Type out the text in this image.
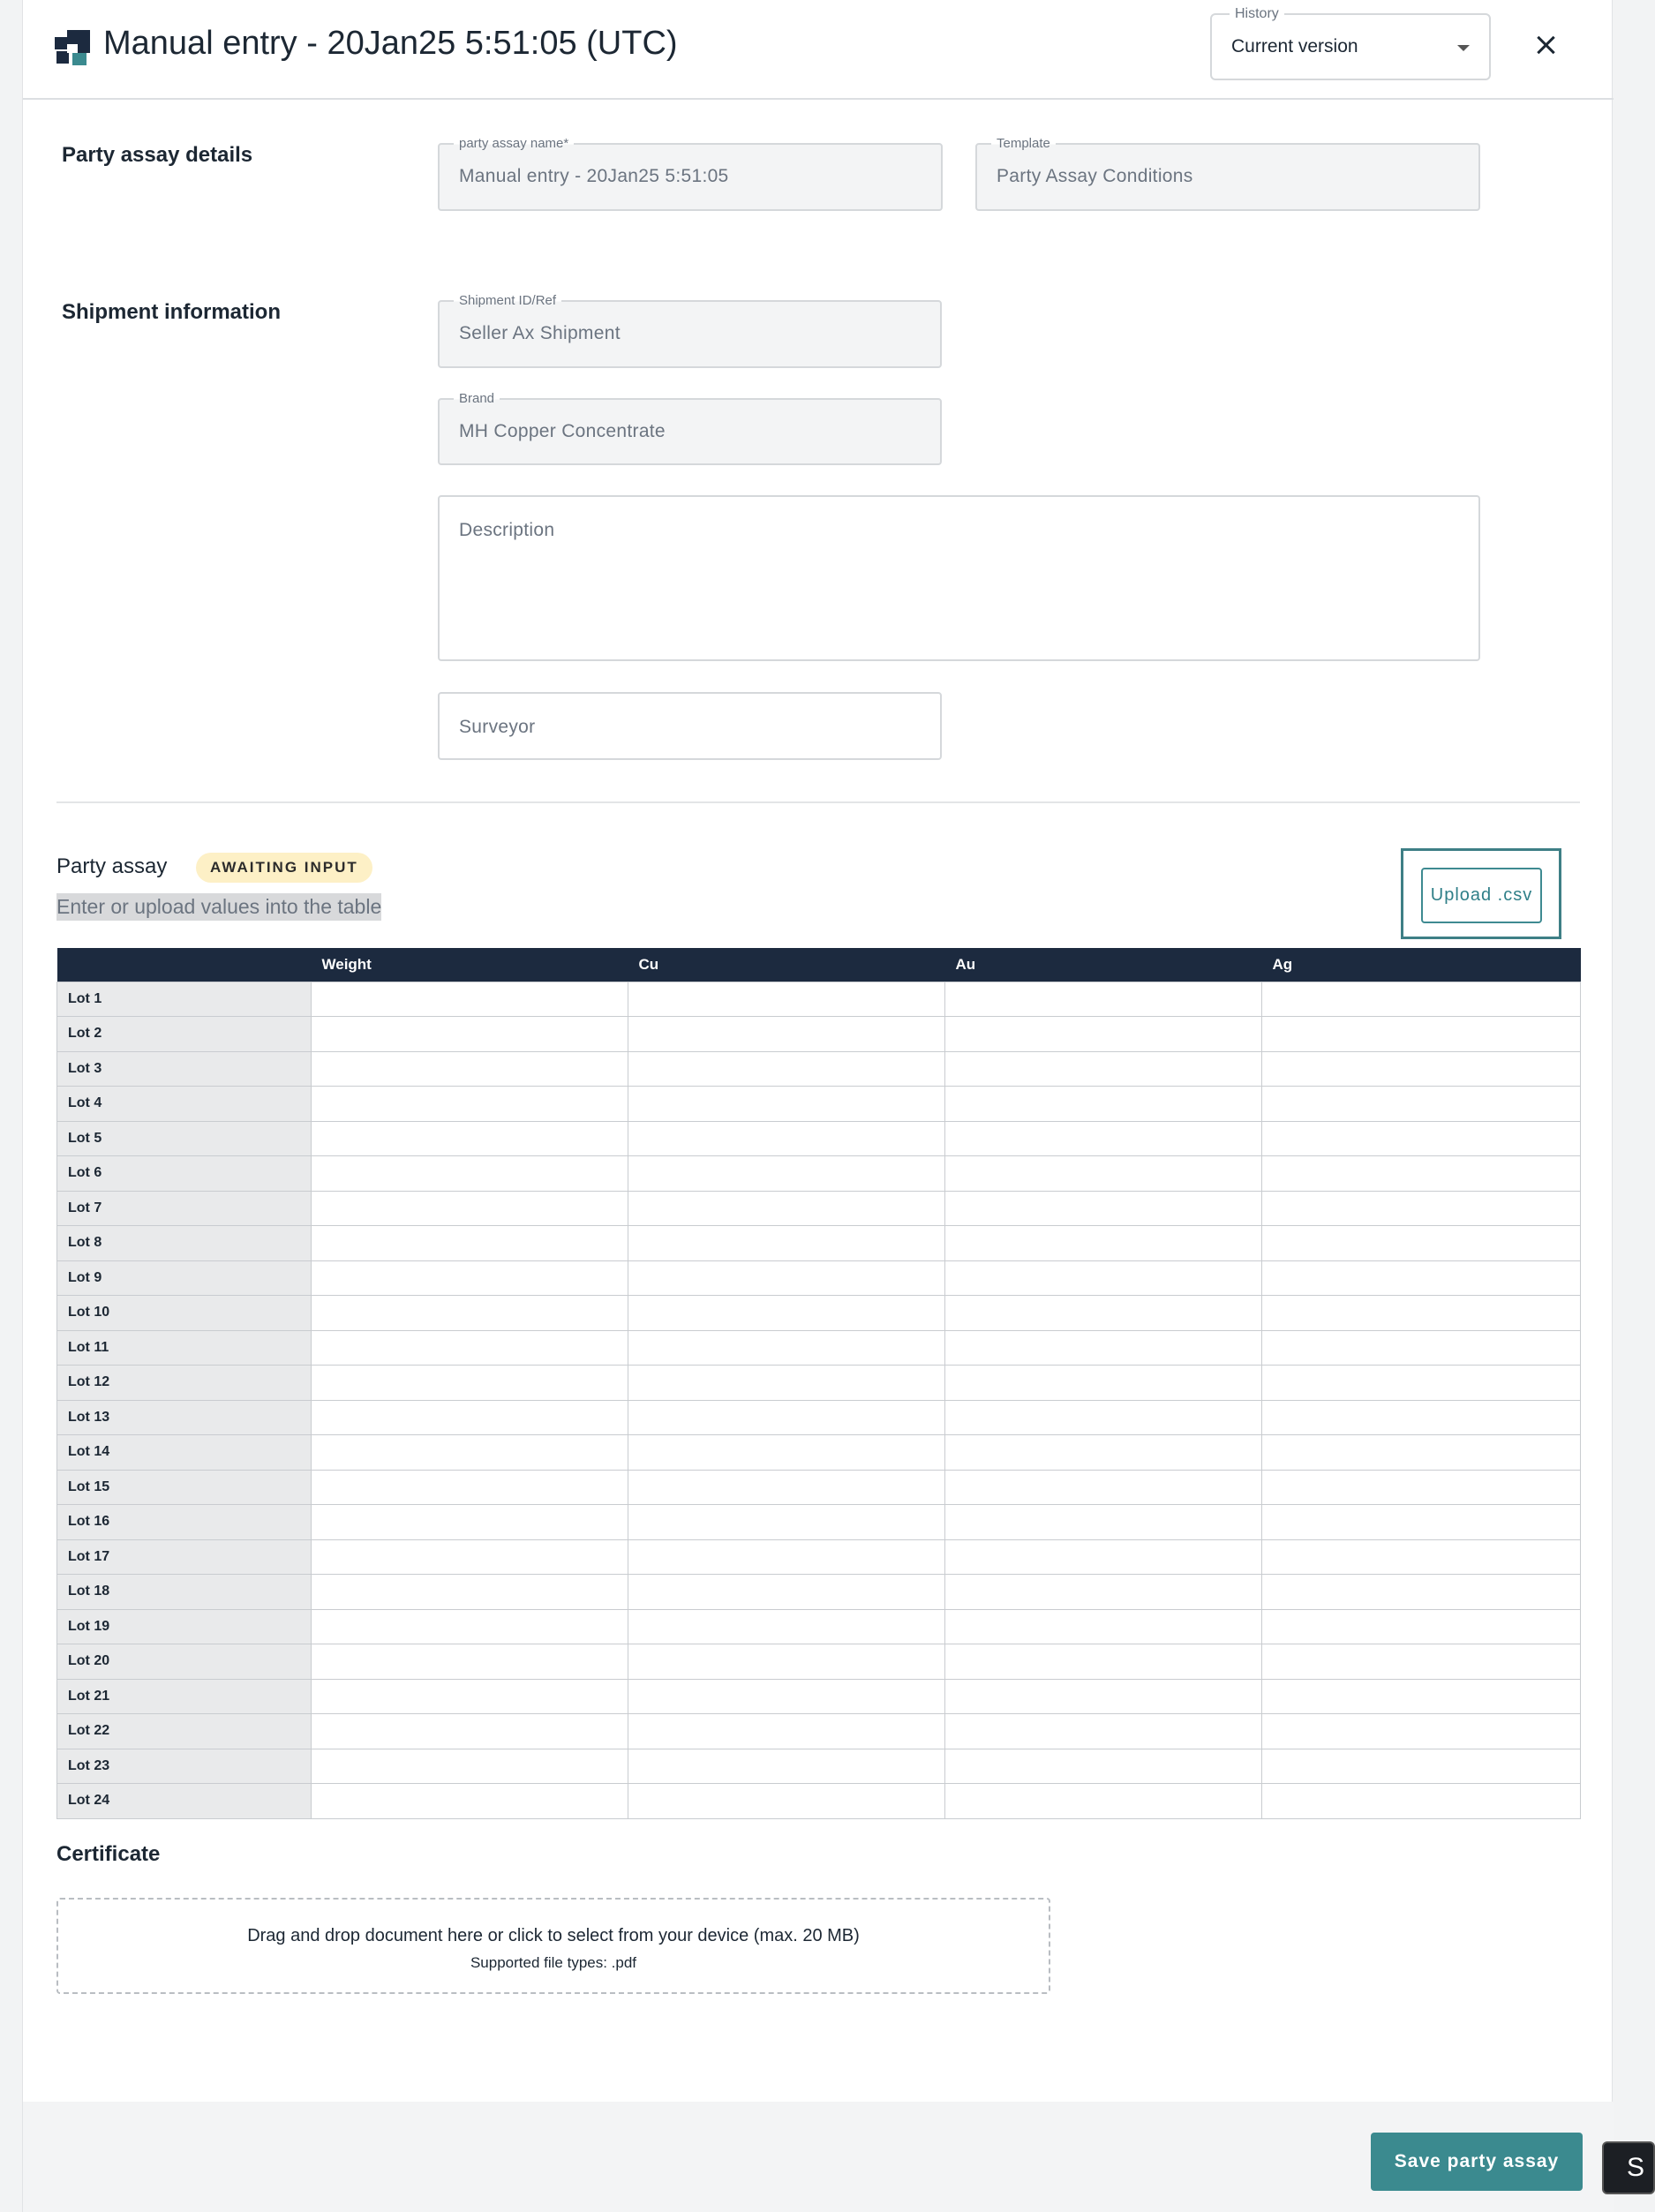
Manual entry - 20Jan25 5:51:05 (UTC)
History
Current version
Party assay details	party assay name*
Manual entry - 20Jan25 5:51:05
Template
Party Assay Conditions
Shipment information	Shipment ID/Ref
Seller Ax Shipment
Brand
MH Copper Concentrate
Description
Surveyor
Party assay	AWAITING INPUT
Enter or upload values into the table	Upload .csv
	Weight	Cu	Au	Ag
Lot 1				
Lot 2				
Lot 3				
Lot 4				
Lot 5				
Lot 6				
Lot 7				
Lot 8				
Lot 9				
Lot 10				
Lot 11				
Lot 12				
Lot 13				
Lot 14				
Lot 15				
Lot 16				
Lot 17				
Lot 18				
Lot 19				
Lot 20				
Lot 21				
Lot 22				
Lot 23				
Lot 24				
Certificate
Drag and drop document here or click to select from your device (max. 20 MB)
Supported file types: .pdf
Save party assay	S
